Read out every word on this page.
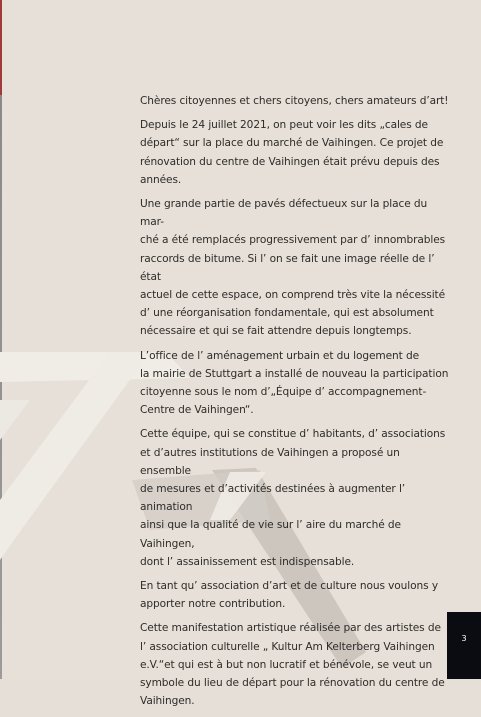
Chères citoyennes et chers citoyens, chers amateurs d’art!

Depuis le 24 juillet 2021, on peut voir les dits „cales de
départ“ sur la place du marché de Vaihingen. Ce projet de
rénovation du centre de Vaihingen était prévu depuis des
années.

Une grande partie de pavés défectueux sur la place du mar-
ché a été remplacés progressivement par d’ innombrables
raccords de bitume. Si l’ on se fait une image réelle de l’ état
actuel de cette espace, on comprend très vite la nécessité
d’ une réorganisation fondamentale, qui est absolument
nécessaire et qui se fait attendre depuis longtemps.

L’office de l’ aménagement urbain et du logement de
la mairie de Stuttgart a installé de nouveau la participation
citoyenne sous le nom d’„Équipe d’ accompagnement-
Centre de Vaihingen“.

Cette équipe, qui se constitue d’ habitants, d’ associations
et d’autres institutions de Vaihingen a proposé un ensemble
de mesures et d’activités destinées à augmenter l’ animation
ainsi que la qualité de vie sur l’ aire du marché de Vaihingen,
dont l’ assainissement est indispensable.

En tant qu’ association d’art et de culture nous voulons y
apporter notre contribution.

Cette manifestation artistique réalisée par des artistes de
l’ association culturelle „ Kultur Am Kelterberg Vaihingen
e.V.“et qui est à but non lucratif et bénévole, se veut un
symbole du lieu de départ pour la rénovation du centre de
Vaihingen.

3
